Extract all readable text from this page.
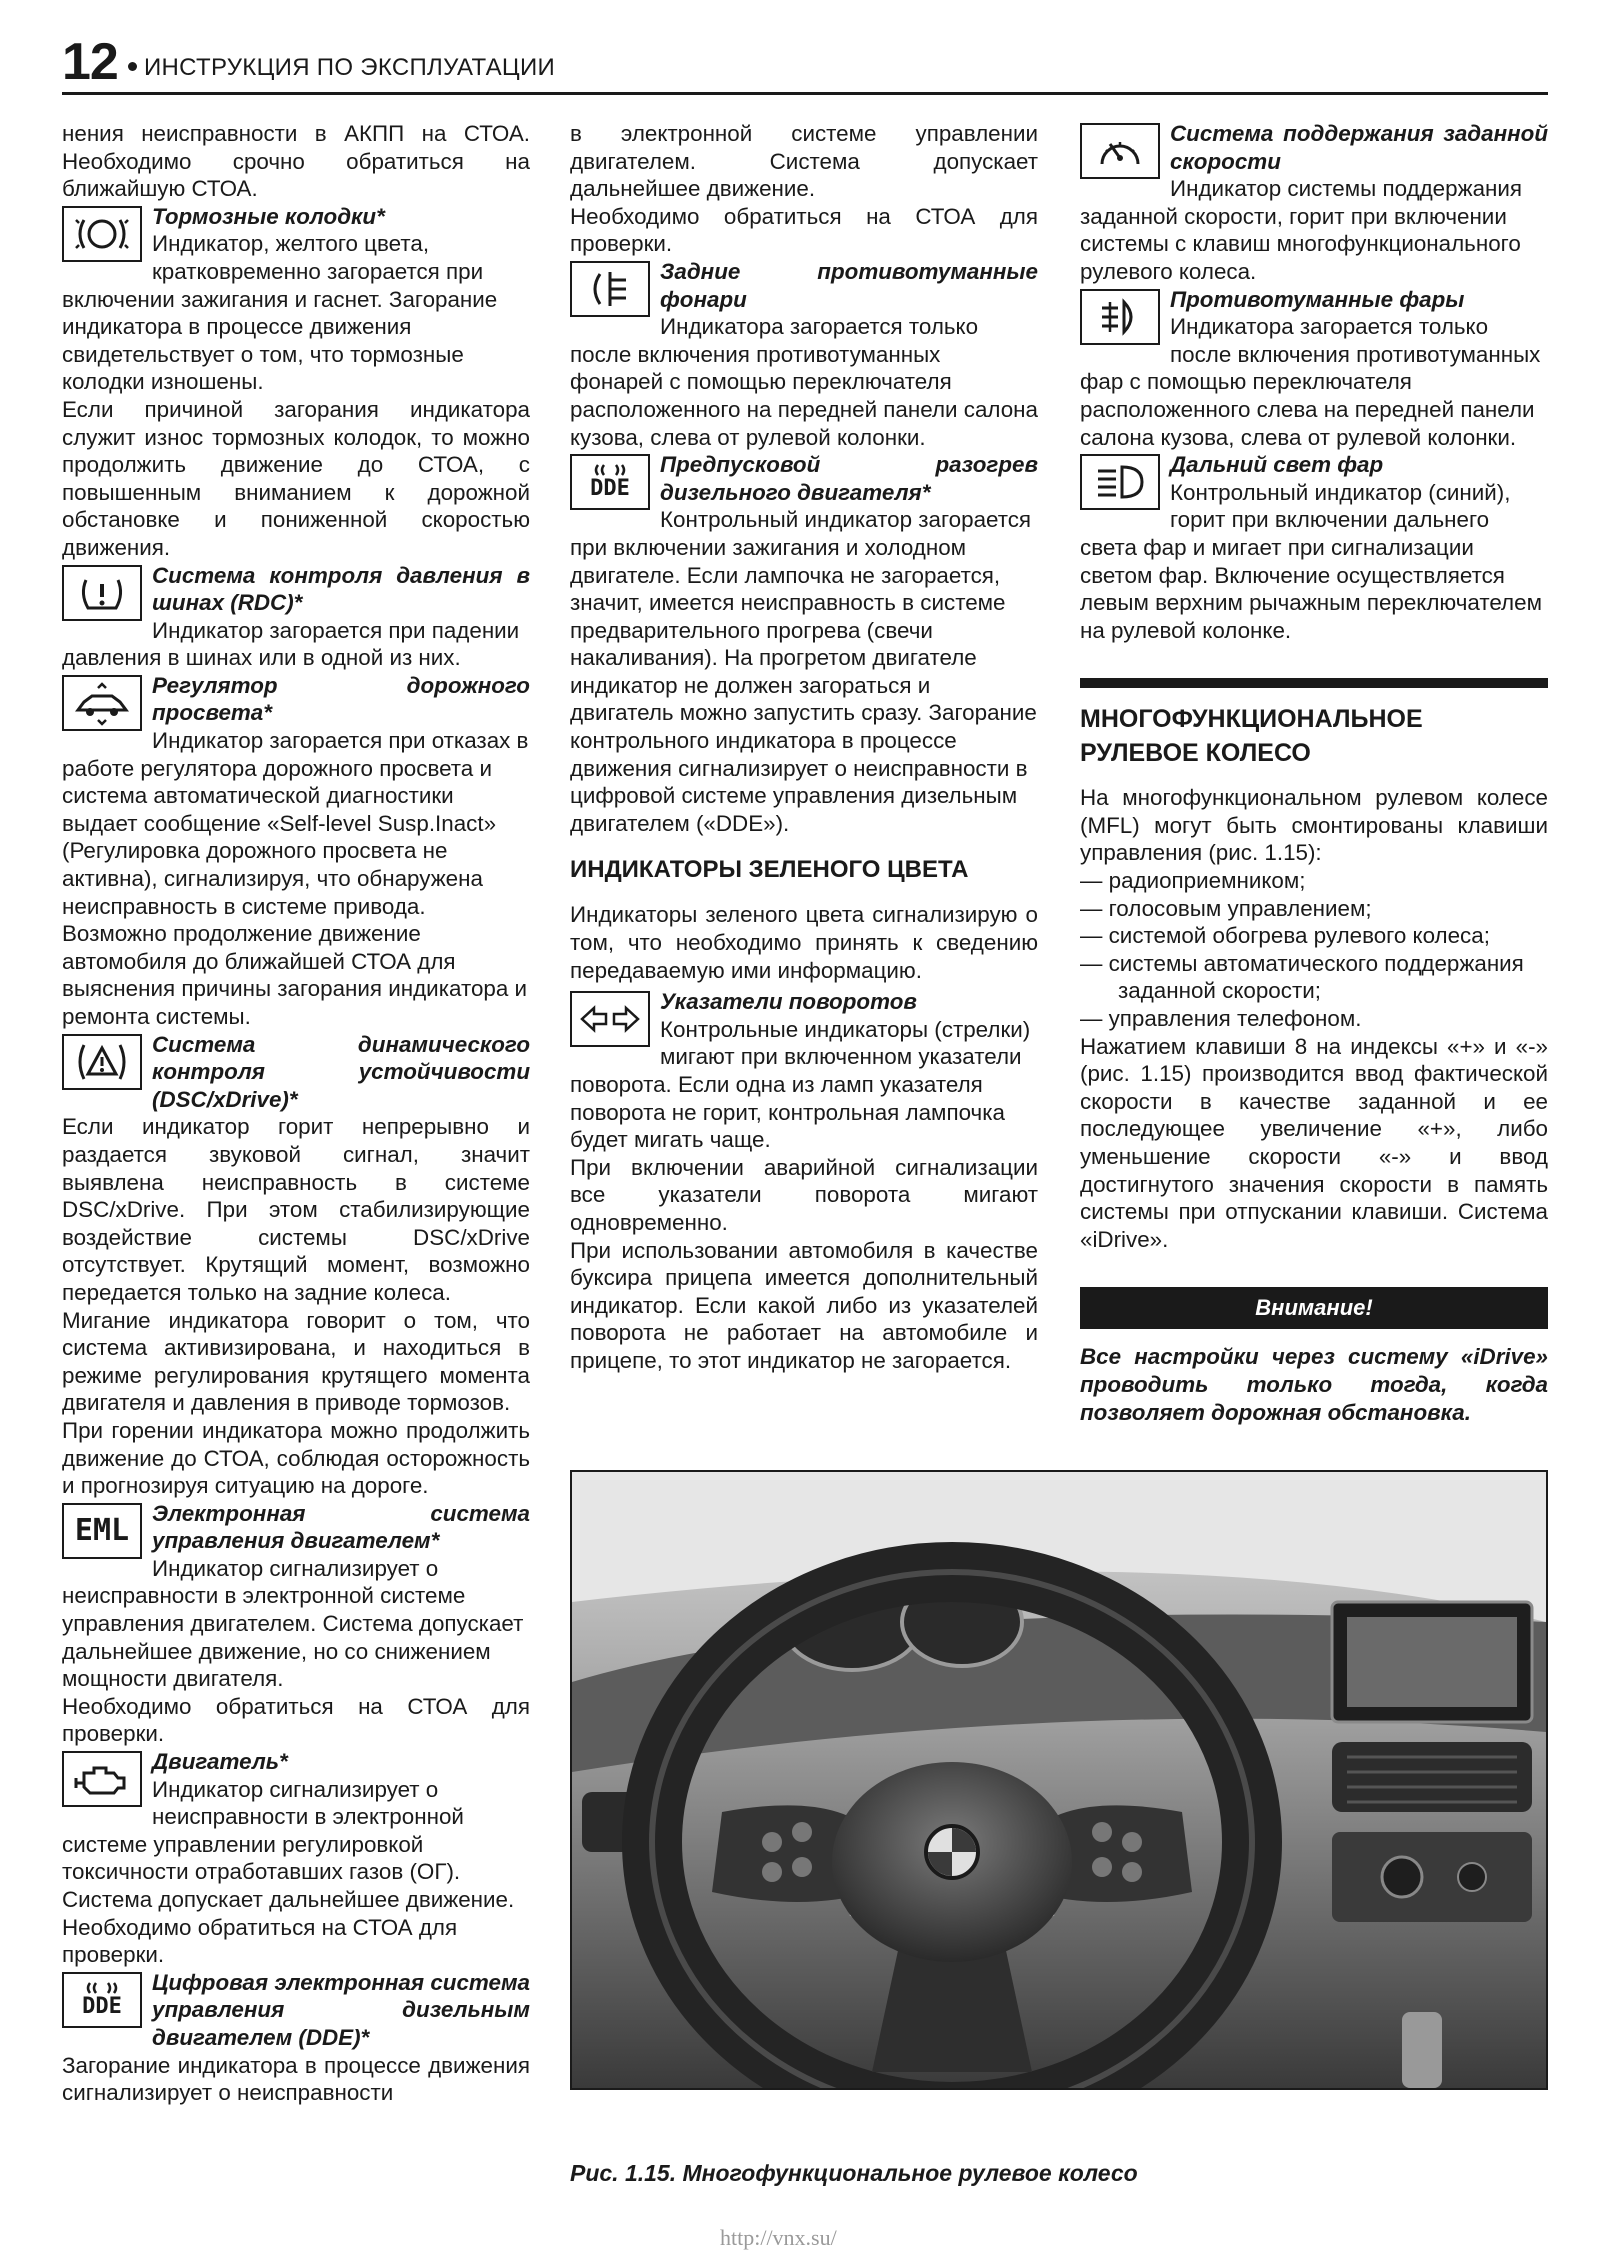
12 ИНСТРУКЦИЯ ПО ЭКСПЛУАТАЦИИ

нения неисправности в АКПП на СТОА. Необходимо срочно обратиться на ближайшую СТОА.

Тормозные колодки*
Индикатор, желтого цвета, кратковременно загорается при включении зажигания и гаснет. Загорание индикатора в процессе движения свидетельствует о том, что тормозные колодки изношены.

Если причиной загорания индикатора служит износ тормозных колодок, то можно продолжить движение до СТОА, с повышенным вниманием к дорожной обстановке и пониженной скоростью движения.

Система контроля давления в шинах (RDC)*
Индикатор загорается при падении давления в шинах или в одной из них.
Регулятор дорожного просвета*
Индикатор загорается при отказах в работе регулятора дорожного просвета и система автоматической диагностики выдает сообщение «Self-level Susp.Inact» (Регулировка дорожного просвета не активна), сигнализируя, что обнаружена неисправность в системе привода. Возможно продолжение движение автомобиля до ближайшей СТОА для выяснения причины загорания индикатора и ремонта системы.
Система динамического контроля устойчивости (DSC/xDrive)*

Если индикатор горит непрерывно и раздается звуковой сигнал, значит выявлена неисправность в системе DSC/xDrive. При этом стабилизирующие воздействие системы DSC/xDrive отсутствует. Крутящий момент, возможно передается только на задние колеса.

Мигание индикатора говорит о том, что система активизирована, и находиться в режиме регулирования крутящего момента двигателя и давления в приводе тормозов.

При горении индикатора можно продолжить движение до СТОА, соблюдая осторожность и прогнозируя ситуацию на дороге.

EML	Электронная система управления двигателем*
Индикатор сигнализирует о неисправности в электронной системе управления двигателем. Система допускает дальнейшее движение, но со снижением мощности двигателя.

Необходимо обратиться на СТОА для проверки.

Двигатель*
Индикатор сигнализирует о неисправности в электронной системе управлении регулировкой токсичности отработавших газов (ОГ). Система допускает дальнейшее движение. Необходимо обратиться на СТОА для проверки.
DDE
Цифровая электронная система управления дизельным двигателем (DDE)*

Загорание индикатора в процессе движения сигнализирует о неисправности

в электронной системе управлении двигателем. Система допускает дальнейшее движение.

Необходимо обратиться на СТОА для проверки.

Задние противотуманные фонари
Индикатора загорается только после включения противотуманных фонарей с помощью переключателя расположенного на передней панели салона кузова, слева от рулевой колонки.
DDE
Предпусковой разогрев дизельного двигателя*
Контрольный индикатор загорается при включении зажигания и холодном двигателе. Если лампочка не загорается, значит, имеется неисправность в системе предварительного прогрева (свечи накаливания). На прогретом двигателе индикатор не должен загораться и двигатель можно запустить сразу. Загорание контрольного индикатора в процессе движения сигнализирует о неисправности в цифровой системе управления дизельным двигателем («DDE»).
ИНДИКАТОРЫ ЗЕЛЕНОГО ЦВЕТА

Индикаторы зеленого цвета сигнализирую о том, что необходимо принять к сведению передаваемую ими информацию.

Указатели поворотов
Контрольные индикаторы (стрелки) мигают при включенном указатели поворота. Если одна из ламп указателя поворота не горит, контрольная лампочка будет мигать чаще.

При включении аварийной сигнализации все указатели поворота мигают одновременно.

При использовании автомобиля в качестве буксира прицепа имеется дополнительный индикатор. Если какой либо из указателей поворота не работает на автомобиле и прицепе, то этот индикатор не загорается.

Система поддержания заданной скорости
Индикатор системы поддержания заданной скорости, горит при включении системы с клавиш многофункционального рулевого колеса.
Противотуманные фары
Индикатора загорается только после включения противотуманных фар с помощью переключателя расположенного слева на передней панели салона кузова, слева от рулевой колонки.
Дальний свет фар
Контрольный индикатор (синий), горит при включении дальнего света фар и мигает при сигнализации светом фар. Включение осуществляется левым верхним рычажным переключателем на рулевой колонке.
МНОГОФУНКЦИОНАЛЬНОЕ РУЛЕВОЕ КОЛЕСО

На многофункциональном рулевом колесе (MFL) могут быть смонтированы клавиши управления (рис. 1.15):

— радиоприемником;
— голосовым управлением;
— системой обогрева рулевого колеса;
— системы автоматического поддержания заданной скорости;
— управления телефоном.

Нажатием клавиши 8 на индексы «+» и «-» (рис. 1.15) производится ввод фактической скорости в качестве заданной и ее последующее увеличение «+», либо уменьшение скорости «-» и ввод достигнутого значения скорости в память системы при отпускании клавиши. Система «iDrive».

Внимание!

Все настройки через систему «iDrive» проводить только тогда, когда позволяет дорожная обстановка.

Рис. 1.15. Многофункциональное рулевое колесо
http://vnx.su/
